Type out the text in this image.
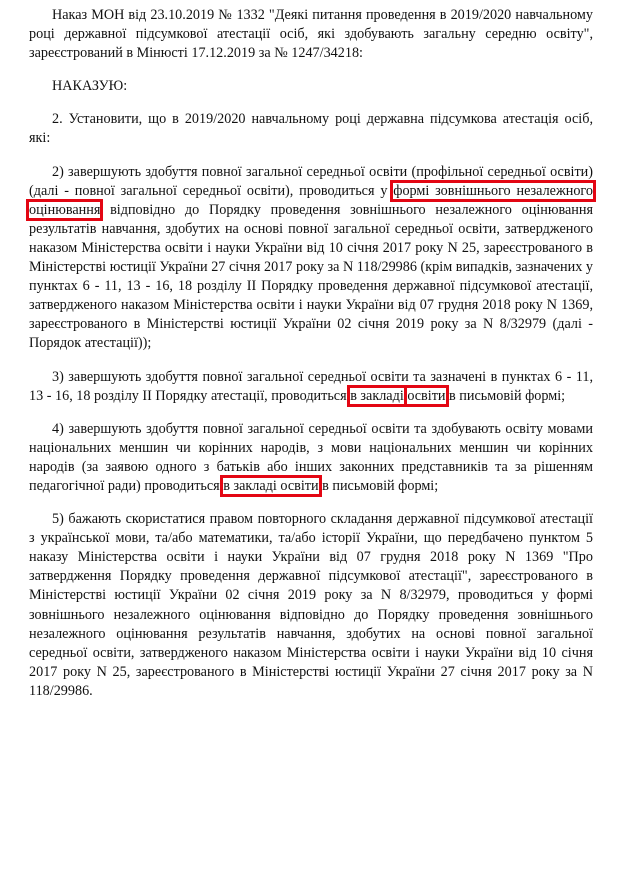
Наказ МОН від 23.10.2019 № 1332 "Деякі питання проведення в 2019/2020 навчальному році державної підсумкової атестації осіб, які здобувають загальну середню освіту", зареєстрований в Мінюсті 17.12.2019 за № 1247/34218:

НАКАЗУЮ:

2. Установити, що в 2019/2020 навчальному році державна підсумкова атестація осіб, які:

2) завершують здобуття повної загальної середньої освіти (профільної середньої освіти) (далі - повної загальної середньої освіти), проводиться у формі зовнішнього незалежного оцінювання відповідно до Порядку проведення зовнішнього незалежного оцінювання результатів навчання, здобутих на основі повної загальної середньої освіти, затвердженого наказом Міністерства освіти і науки України від 10 січня 2017 року N 25, зареєстрованого в Міністерстві юстиції України 27 січня 2017 року за N 118/29986 (крім випадків, зазначених у пунктах 6 - 11, 13 - 16, 18 розділу II Порядку проведення державної підсумкової атестації, затвердженого наказом Міністерства освіти і науки України від 07 грудня 2018 року N 1369, зареєстрованого в Міністерстві юстиції України 02 січня 2019 року за N 8/32979 (далі - Порядок атестації));

3) завершують здобуття повної загальної середньої освіти та зазначені в пунктах 6 - 11, 13 - 16, 18 розділу II Порядку атестації, проводиться в закладі освіти в письмовій формі;

4) завершують здобуття повної загальної середньої освіти та здобувають освіту мовами національних меншин чи корінних народів, з мови національних меншин чи корінних народів (за заявою одного з батьків або інших законних представників та за рішенням педагогічної ради) проводиться в закладі освіти в письмовій формі;

5) бажають скористатися правом повторного складання державної підсумкової атестації з української мови, та/або математики, та/або історії України, що передбачено пунктом 5 наказу Міністерства освіти і науки України від 07 грудня 2018 року N 1369 "Про затвердження Порядку проведення державної підсумкової атестації", зареєстрованого в Міністерстві юстиції України 02 січня 2019 року за N 8/32979, проводиться у формі зовнішнього незалежного оцінювання відповідно до Порядку проведення зовнішнього незалежного оцінювання результатів навчання, здобутих на основі повної загальної середньої освіти, затвердженого наказом Міністерства освіти і науки України від 10 січня 2017 року N 25, зареєстрованого в Міністерстві юстиції України 27 січня 2017 року за N 118/29986.
